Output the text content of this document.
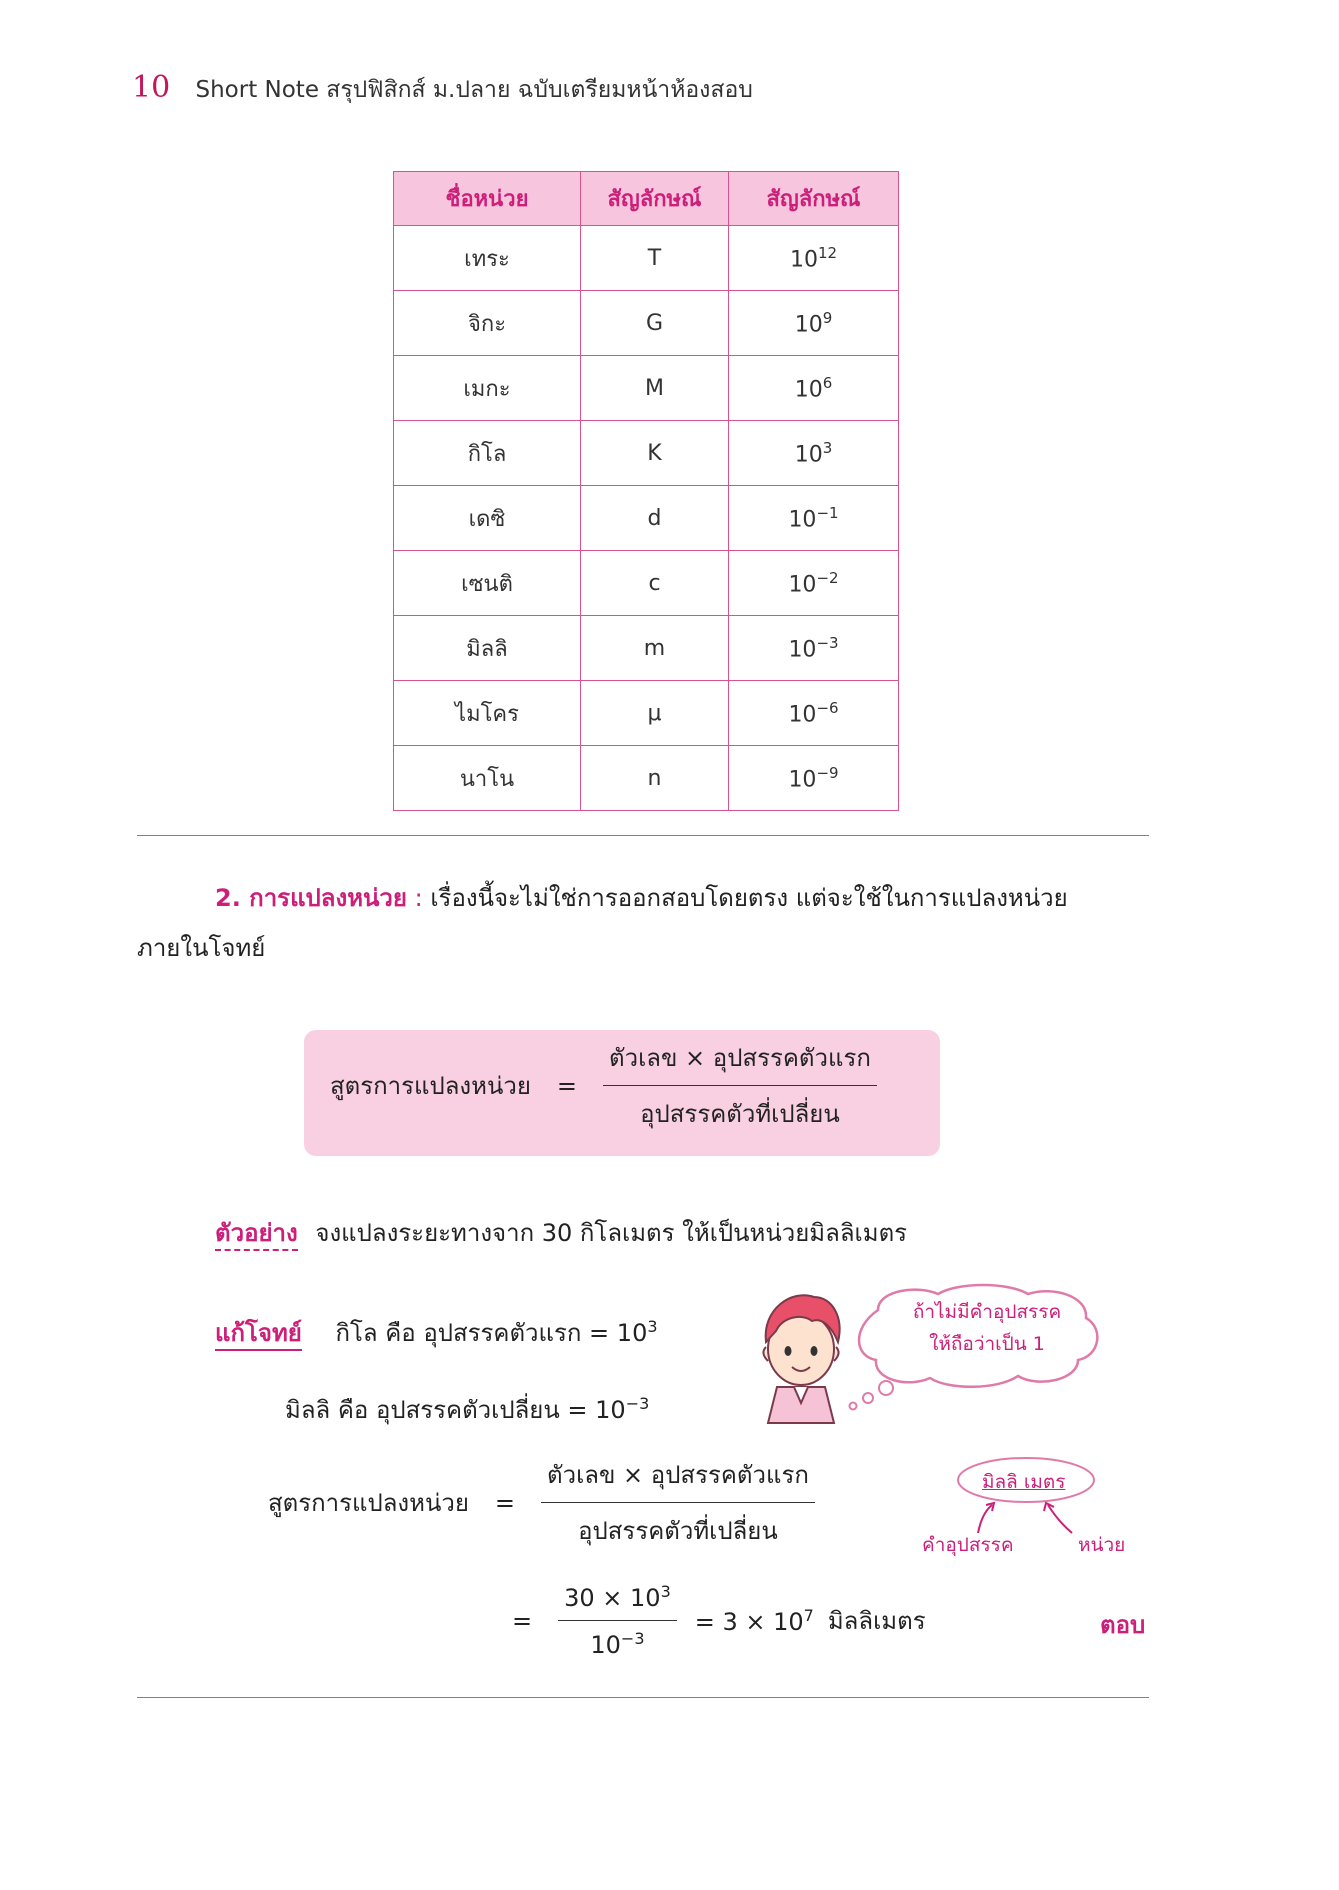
10 Short Note สรุปฟิสิกส์ ม.ปลาย ฉบับเตรียมหน้าห้องสอบ
ชื่อหน่วย	สัญลักษณ์	สัญลักษณ์
เทระ	T	$10^{12}$
จิกะ	G	$10^9$
เมกะ	M	$10^6$
กิโล	K	$10^3$
เดซิ	d	$10^{-1}$
เซนติ	c	$10^{-2}$
มิลลิ	m	$10^{-3}$
ไมโคร	μ	$10^{-6}$
นาโน	n	$10^{-9}$
2. การแปลงหน่วย : เรื่องนี้จะไม่ใช่การออกสอบโดยตรง แต่จะใช้ในการแปลงหน่วย
ภายในโจทย์
สูตรการแปลงหน่วย = $\frac{\text{ตัวเลข × อุปสรรคตัวแรก}}{\text{อุปสรรคตัวที่เปลี่ยน}}$
ตัวอย่าง จงแปลงระยะทางจาก 30 กิโลเมตร ให้เป็นหน่วยมิลลิเมตร
แก้โจทย์ กิโล คือ อุปสรรคตัวแรก = $10^3$
มิลลิ คือ อุปสรรคตัวเปลี่ยน = $10^{-3}$
ถ้าไม่มีคำอุปสรรค
ให้ถือว่าเป็น 1
สูตรการแปลงหน่วย = $\frac{\text{ตัวเลข × อุปสรรคตัวแรก}}{\text{อุปสรรคตัวที่เปลี่ยน}}$	มิลลิ เมตร
คำอุปสรรค	หน่วย
= $\frac{30 \times 10^3}{10^{-3}} = 3 \times 10^7$ มิลลิเมตร	ตอบ
